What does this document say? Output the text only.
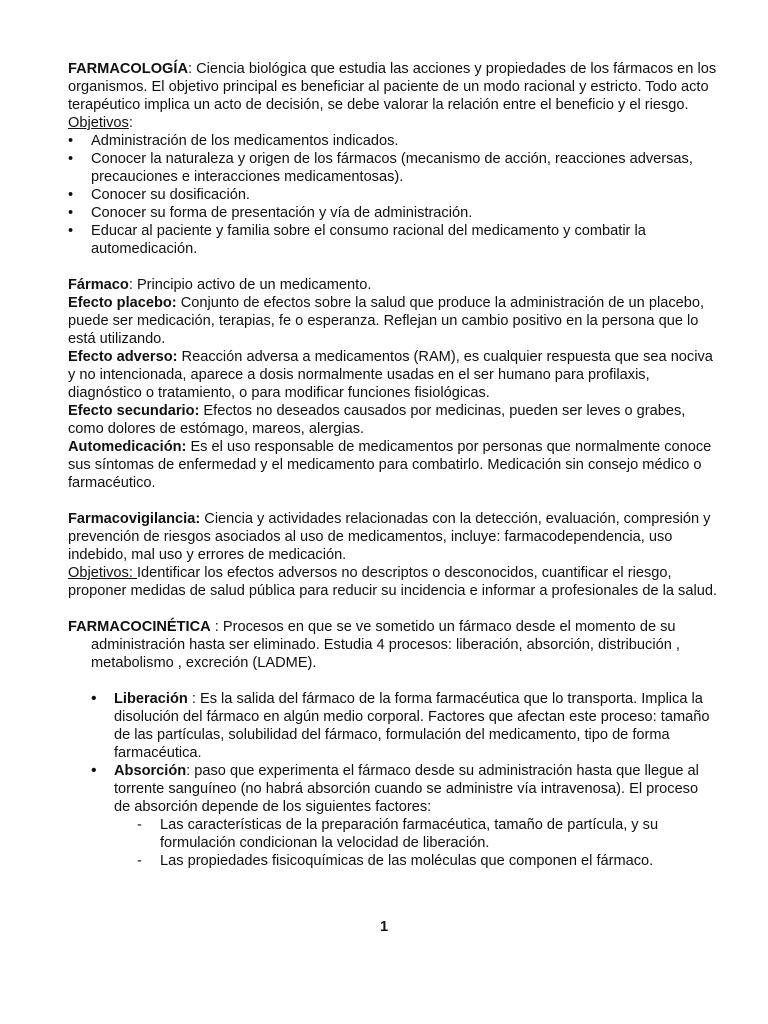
FARMACOLOGÍA: Ciencia biológica que estudia las acciones y propiedades de los fármacos en los organismos. El objetivo principal es beneficiar al paciente de un modo racional y estricto. Todo acto terapéutico implica un acto de decisión, se debe valorar la relación entre el beneficio y el riesgo.

Objetivos:

• Administración de los medicamentos indicados.
• Conocer la naturaleza y origen de los fármacos (mecanismo de acción, reacciones adversas, precauciones e interacciones medicamentosas).
• Conocer su dosificación.
• Conocer su forma de presentación y vía de administración.
• Educar al paciente y familia sobre el consumo racional del medicamento y combatir la automedicación.

Fármaco: Principio activo de un medicamento.

Efecto placebo: Conjunto de efectos sobre la salud que produce la administración de un placebo, puede ser medicación, terapias, fe o esperanza. Reflejan un cambio positivo en la persona que lo está utilizando.

Efecto adverso: Reacción adversa a medicamentos (RAM), es cualquier respuesta que sea nociva y no intencionada, aparece a dosis normalmente usadas en el ser humano para profilaxis, diagnóstico o tratamiento, o para modificar funciones fisiológicas.

Efecto secundario: Efectos no deseados causados por medicinas, pueden ser leves o grabes, como dolores de estómago, mareos, alergias.

Automedicación: Es el uso responsable de medicamentos por personas que normalmente conoce sus síntomas de enfermedad y el medicamento para combatirlo. Medicación sin consejo médico o farmacéutico.

Farmacovigilancia: Ciencia y actividades relacionadas con la detección, evaluación, compresión y prevención de riesgos asociados al uso de medicamentos, incluye: farmacodependencia, uso indebido, mal uso y errores de medicación.

Objetivos: Identificar los efectos adversos no descriptos o desconocidos, cuantificar el riesgo, proponer medidas de salud pública para reducir su incidencia e informar a profesionales de la salud.

FARMACOCINÉTICA : Procesos en que se ve sometido un fármaco desde el momento de su administración hasta ser eliminado. Estudia 4 procesos: liberación, absorción, distribución , metabolismo , excreción (LADME).

• Liberación : Es la salida del fármaco de la forma farmacéutica que lo transporta. Implica la disolución del fármaco en algún medio corporal. Factores que afectan este proceso: tamaño de las partículas, solubilidad del fármaco, formulación del medicamento, tipo de forma farmacéutica.
• Absorción: paso que experimenta el fármaco desde su administración hasta que llegue al torrente sanguíneo (no habrá absorción cuando se administre vía intravenosa). El proceso de absorción depende de los siguientes factores:
- Las características de la preparación farmacéutica, tamaño de partícula, y su formulación condicionan la velocidad de liberación.
- Las propiedades fisicoquímicas de las moléculas que componen el fármaco.
1
